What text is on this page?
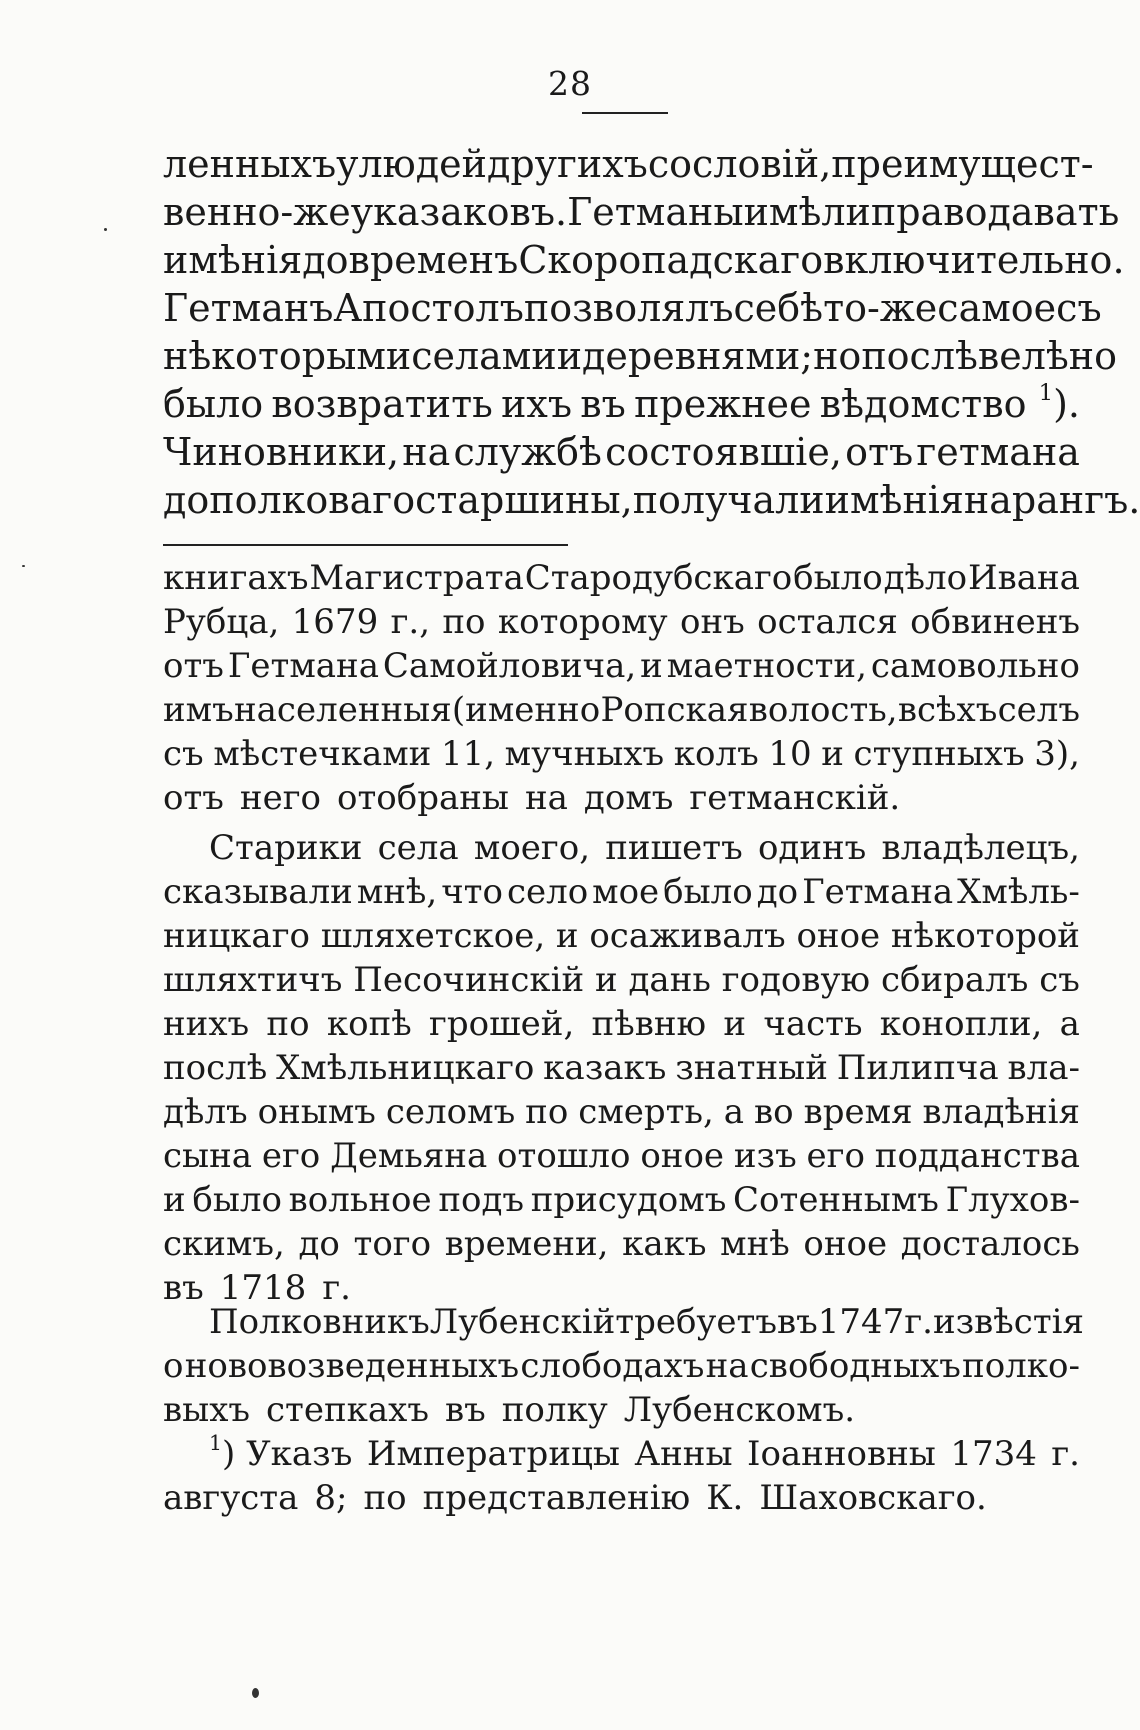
28
ленныхъ у людей другихъ сословій, преимущест-
венно-же у казаковъ. Гетманы имѣли право давать
имѣнія до временъ Скоропадскаго включительно.
Гетманъ Апостолъ позволялъ себѣ то-же самое съ
нѣкоторыми селами и деревнями; но послѣ велѣно
было возвратить ихъ въ прежнее вѣдомство $^1$).
Чиновники, на службѣ состоявшіе, отъ гетмана
до полковаго старшины, получали имѣнія на рангъ.
книгахъ Магистрата Стародубскаго было дѣло Ивана
Рубца, 1679 г., по которому онъ остался обвиненъ
отъ Гетмана Самойловича, и маетности, самовольно
имъ населенныя (именно Ропская волость, всѣхъ селъ
съ мѣстечками 11, мучныхъ колъ 10 и ступныхъ 3),
отъ него отобраны на домъ гетманскій.
Старики села моего, пишетъ одинъ владѣлецъ,
сказывали мнѣ, что село мое было до Гетмана Хмѣль-
ницкаго шляхетское, и осаживалъ оное нѣкоторой
шляхтичъ Песочинскій и дань годовую сбиралъ съ
нихъ по копѣ грошей, пѣвню и часть конопли, а
послѣ Хмѣльницкаго казакъ знатный Пилипча вла-
дѣлъ онымъ селомъ по смерть, а во время владѣнія
сына его Демьяна отошло оное изъ его подданства
и было вольное подъ присудомъ Сотеннымъ Глухов-
скимъ, до того времени, какъ мнѣ оное досталось
въ 1718 г.
Полковникъ Лубенскій требуетъ въ1747 г. извѣстія
о нововозведенныхъ слободахъ на свободныхъ полко-
выхъ степкахъ въ полку Лубенскомъ.
$^1$) Указъ Императрицы Анны Іоанновны 1734 г.
августа 8; по представленію К. Шаховскаго.
